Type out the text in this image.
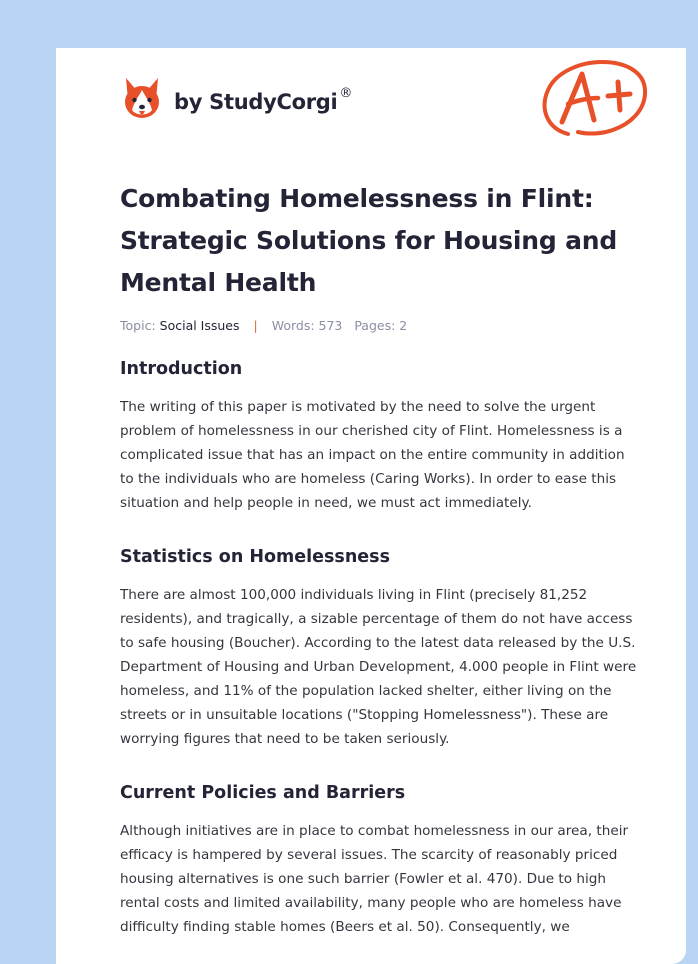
by StudyCorgi ®
Combating Homelessness in Flint: Strategic Solutions for Housing and Mental Health
Topic: Social Issues | Words: 573 Pages: 2
Introduction

The writing of this paper is motivated by the need to solve the urgent problem of homelessness in our cherished city of Flint. Homelessness is a complicated issue that has an impact on the entire community in addition to the individuals who are homeless (Caring Works). In order to ease this situation and help people in need, we must act immediately.

Statistics on Homelessness

There are almost 100,000 individuals living in Flint (precisely 81,252 residents), and tragically, a sizable percentage of them do not have access to safe housing (Boucher). According to the latest data released by the U.S. Department of Housing and Urban Development, 4.000 people in Flint were homeless, and 11% of the population lacked shelter, either living on the streets or in unsuitable locations ("Stopping Homelessness"). These are worrying figures that need to be taken seriously.

Current Policies and Barriers

Although initiatives are in place to combat homelessness in our area, their efficacy is hampered by several issues. The scarcity of reasonably priced housing alternatives is one such barrier (Fowler et al. 470). Due to high rental costs and limited availability, many people who are homeless have difficulty finding stable homes (Beers et al. 50). Consequently, we
